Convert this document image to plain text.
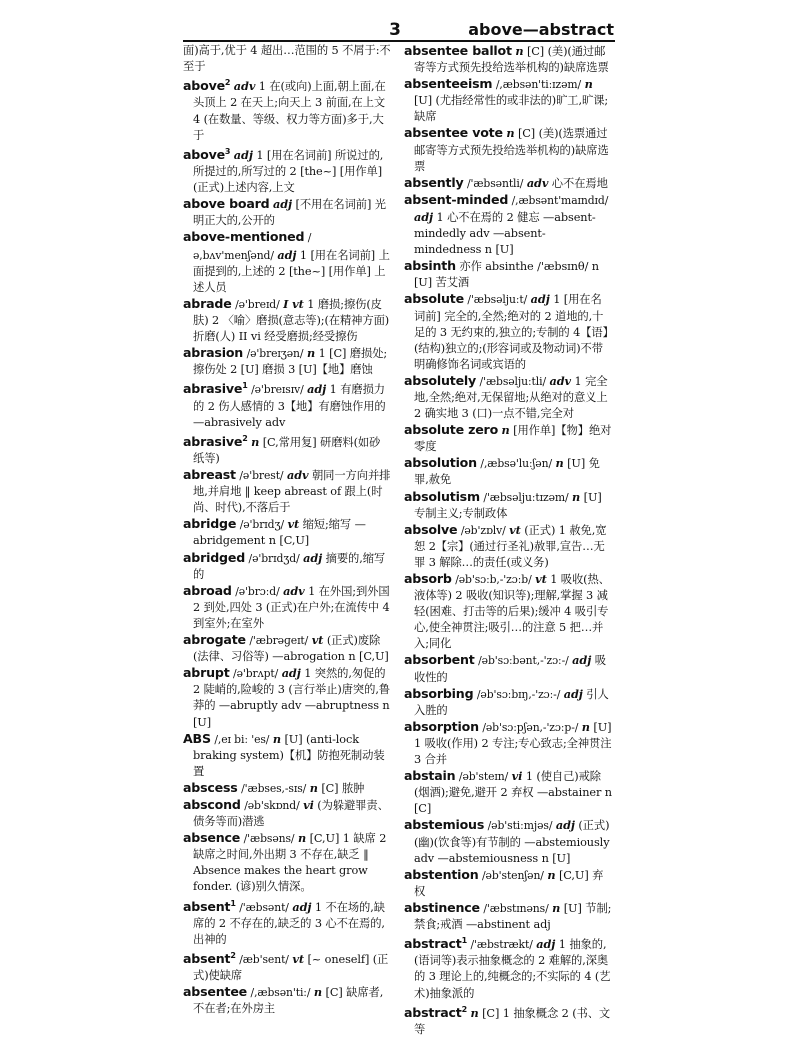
3	above—abstract

面)高于,优于 4 超出…范围的 5 不屑于:不至于

above$^2$ adv 1 在(或向)上面,朝上面,在头顶上 2 在天上;向天上 3 前面,在上文 4 (在数量、等级、权力等方面)多于,大于

above$^3$ adj 1 [用在名词前] 所说过的,所提过的,所写过的 2 [the~] [用作单] (正式)上述内容,上文

above board adj [不用在名词前] 光明正大的,公开的

above-mentioned /ə,bʌv'menʃənd/ adj 1 [用在名词前] 上面提到的,上述的 2 [the~] [用作单] 上述人员

abrade /ə'breɪd/ I vt 1 磨损;擦伤(皮肤) 2 〈喻〉磨损(意志等);(在精神方面)折磨(人) II vi 经受磨损;经受擦伤

abrasion /ə'breɪʒən/ n 1 [C] 磨损处;擦伤处 2 [U] 磨损 3 [U]【地】磨蚀

abrasive$^1$ /ə'breɪsɪv/ adj 1 有磨损力的 2 伤人感情的 3【地】有磨蚀作用的 —abrasively adv

abrasive$^2$ n [C,常用复] 研磨料(如砂纸等)

abreast /ə'brest/ adv 朝同一方向并排地,并肩地 ‖ keep abreast of 跟上(时尚、时代),不落后于

abridge /ə'brɪdʒ/ vt 缩短;缩写 —abridgement n [C,U]

abridged /ə'brɪdʒd/ adj 摘要的,缩写的

abroad /ə'brɔːd/ adv 1 在外国;到外国 2 到处,四处 3 (正式)在户外;在流传中 4 到室外;在室外

abrogate /'æbrəɡeɪt/ vt (正式)废除(法律、习俗等) —abrogation n [C,U]

abrupt /ə'brʌpt/ adj 1 突然的,匆促的 2 陡峭的,险峻的 3 (言行举止)唐突的,鲁莽的 —abruptly adv —abruptness n [U]

ABS /,eɪ biː 'es/ n [U] (anti-lock braking system)【机】防抱死制动装置

abscess /'æbses,-sɪs/ n [C] 脓肿

abscond /əb'skɒnd/ vi (为躲避罪责、债务等而)潜逃

absence /'æbsəns/ n [C,U] 1 缺席 2 缺席之时间,外出期 3 不存在,缺乏 ‖ Absence makes the heart grow fonder. (谚)别久情深。

absent$^1$ /'æbsənt/ adj 1 不在场的,缺席的 2 不存在的,缺乏的 3 心不在焉的,出神的

absent$^2$ /æb'sent/ vt [~ oneself] (正式)使缺席

absentee /,æbsən'tiː/ n [C] 缺席者,不在者;在外房主

absentee ballot n [C] (美)(通过邮寄等方式预先投给选举机构的)缺席选票

absenteeism /,æbsən'tiːɪzəm/ n [U] (尤指经常性的或非法的)旷工,旷课;缺席

absentee vote n [C] (美)(选票通过邮寄等方式预先投给选举机构的)缺席选票

absently /'æbsəntli/ adv 心不在焉地

absent-minded /,æbsənt'maɪndɪd/ adj 1 心不在焉的 2 健忘 —absent-mindedly adv —absent-mindedness n [U]

absinth 亦作 absinthe /'æbsɪnθ/ n [U] 苦艾酒

absolute /'æbsəljuːt/ adj 1 [用在名词前] 完全的,全然;绝对的 2 道地的,十足的 3 无约束的,独立的;专制的 4【语】(结构)独立的;(形容词或及物动词)不带明确修饰名词或宾语的

absolutely /'æbsəljuːtli/ adv 1 完全地,全然;绝对,无保留地;从绝对的意义上 2 确实地 3 (口)一点不错,完全对

absolute zero n [用作单]【物】绝对零度

absolution /,æbsə'luːʃən/ n [U] 免罪,赦免

absolutism /'æbsəljuːtɪzəm/ n [U] 专制主义;专制政体

absolve /əb'zɒlv/ vt (正式) 1 赦免,宽恕 2【宗】(通过行圣礼)赦罪,宣告…无罪 3 解除…的责任(或义务)

absorb /əb'sɔːb,-'zɔːb/ vt 1 吸收(热、液体等) 2 吸收(知识等);理解,掌握 3 减轻(困难、打击等的后果);缓冲 4 吸引专心,使全神贯注;吸引…的注意 5 把…并入;同化

absorbent /əb'sɔːbənt,-'zɔː-/ adj 吸收性的

absorbing /əb'sɔːbɪŋ,-'zɔː-/ adj 引人入胜的

absorption /əb'sɔːpʃən,-'zɔːp-/ n [U] 1 吸收(作用) 2 专注;专心致志;全神贯注 3 合并

abstain /əb'steɪn/ vi 1 (使自己)戒除(烟酒);避免,避开 2 弃权 —abstainer n [C]

abstemious /əb'stiːmjəs/ adj (正式)(幽)(饮食等)有节制的 —abstemiously adv —abstemiousness n [U]

abstention /əb'stenʃən/ n [C,U] 弃权

abstinence /'æbstɪnəns/ n [U] 节制;禁食;戒酒 —abstinent adj

abstract$^1$ /'æbstrækt/ adj 1 抽象的,(语词等)表示抽象概念的 2 难解的,深奥的 3 理论上的,纯概念的;不实际的 4 (艺术)抽象派的

abstract$^2$ n [C] 1 抽象概念 2 (书、文等
